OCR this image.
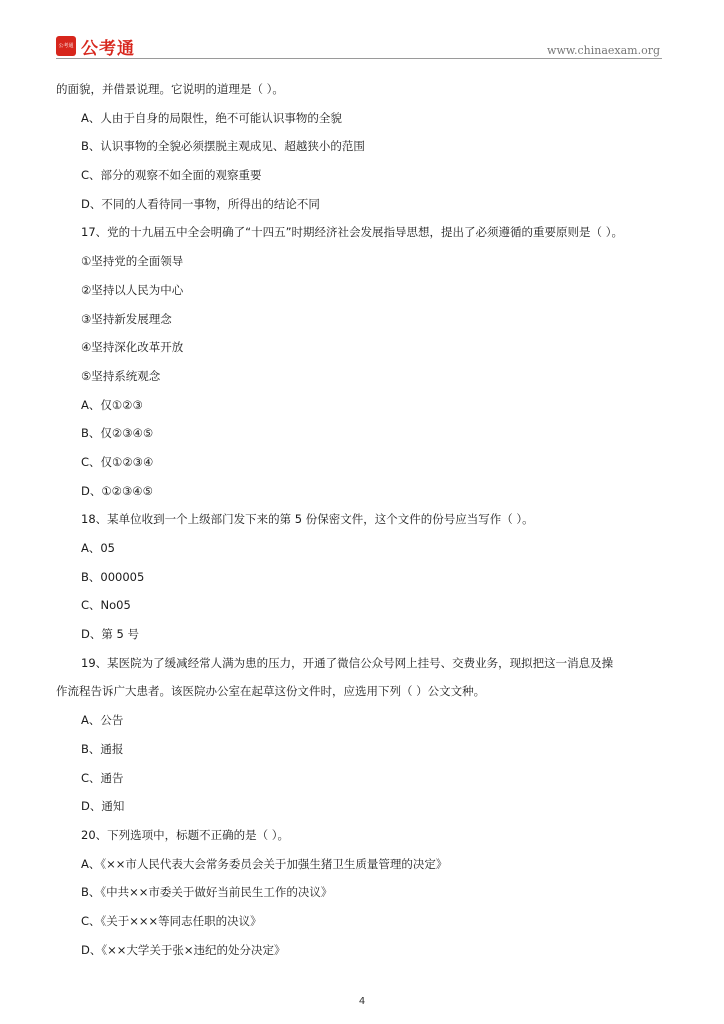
公考通 公考通	www.chinaexam.org
的面貌，并借景说理。它说明的道理是（ ）。
A、人由于自身的局限性，绝不可能认识事物的全貌
B、认识事物的全貌必须摆脱主观成见、超越狭小的范围
C、部分的观察不如全面的观察重要
D、不同的人看待同一事物，所得出的结论不同
17、党的十九届五中全会明确了“十四五”时期经济社会发展指导思想，提出了必须遵循的重要原则是（ ）。
①坚持党的全面领导
②坚持以人民为中心
③坚持新发展理念
④坚持深化改革开放
⑤坚持系统观念
A、仅①②③
B、仅②③④⑤
C、仅①②③④
D、①②③④⑤
18、某单位收到一个上级部门发下来的第 5 份保密文件，这个文件的份号应当写作（ ）。
A、05
B、000005
C、No05
D、第 5 号
19、某医院为了缓减经常人满为患的压力，开通了微信公众号网上挂号、交费业务，现拟把这一消息及操
作流程告诉广大患者。该医院办公室在起草这份文件时，应选用下列（ ）公文文种。
A、公告
B、通报
C、通告
D、通知
20、下列选项中，标题不正确的是（ ）。
A、《××市人民代表大会常务委员会关于加强生猪卫生质量管理的决定》
B、《中共××市委关于做好当前民生工作的决议》
C、《关于×××等同志任职的决议》
D、《××大学关于张×违纪的处分决定》
4
